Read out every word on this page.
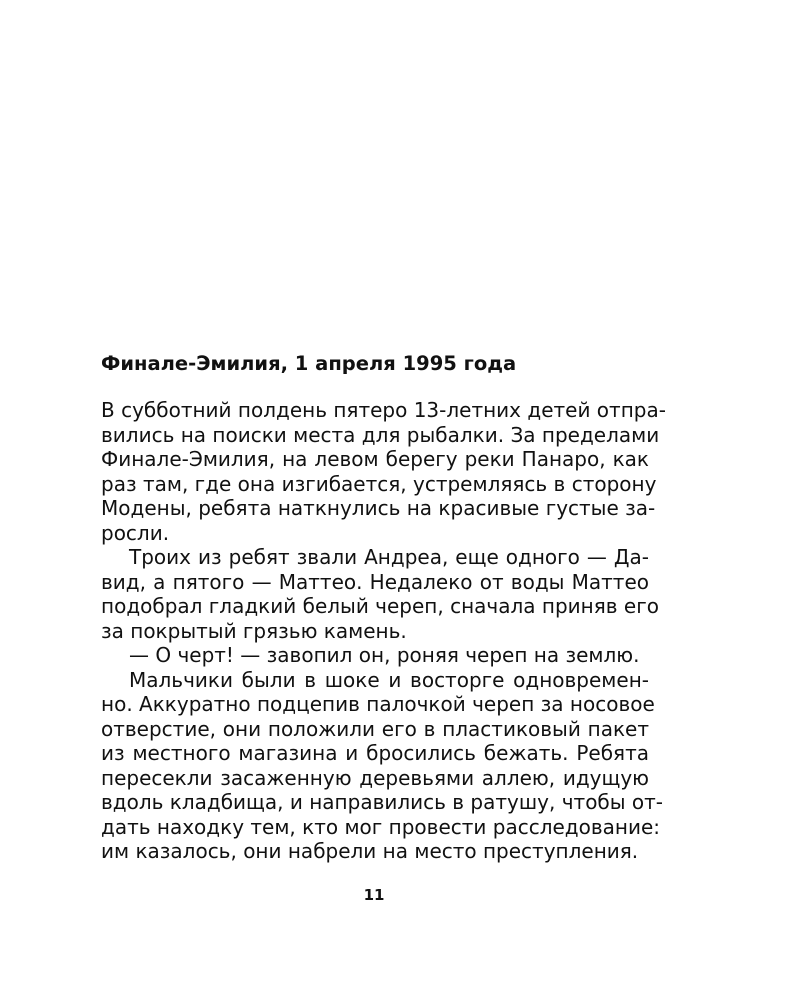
Финале-Эмилия, 1 апреля 1995 года
В субботний полдень пятеро 13-летних детей отпра-
вились на поиски места для рыбалки. За пределами
Финале-Эмилия, на левом берегу реки Панаро, как
раз там, где она изгибается, устремляясь в сторону
Модены, ребята наткнулись на красивые густые за-
росли.
Троих из ребят звали Андреа, еще одного — Да-
вид, а пятого — Маттео. Недалеко от воды Маттео
подобрал гладкий белый череп, сначала приняв его
за покрытый грязью камень.
— О черт! — завопил он, роняя череп на землю.
Мальчики были в шоке и восторге одновремен-
но. Аккуратно подцепив палочкой череп за носовое
отверстие, они положили его в пластиковый пакет
из местного магазина и бросились бежать. Ребята
пересекли засаженную деревьями аллею, идущую
вдоль кладбища, и направились в ратушу, чтобы от-
дать находку тем, кто мог провести расследование:
им казалось, они набрели на место преступления.
11
